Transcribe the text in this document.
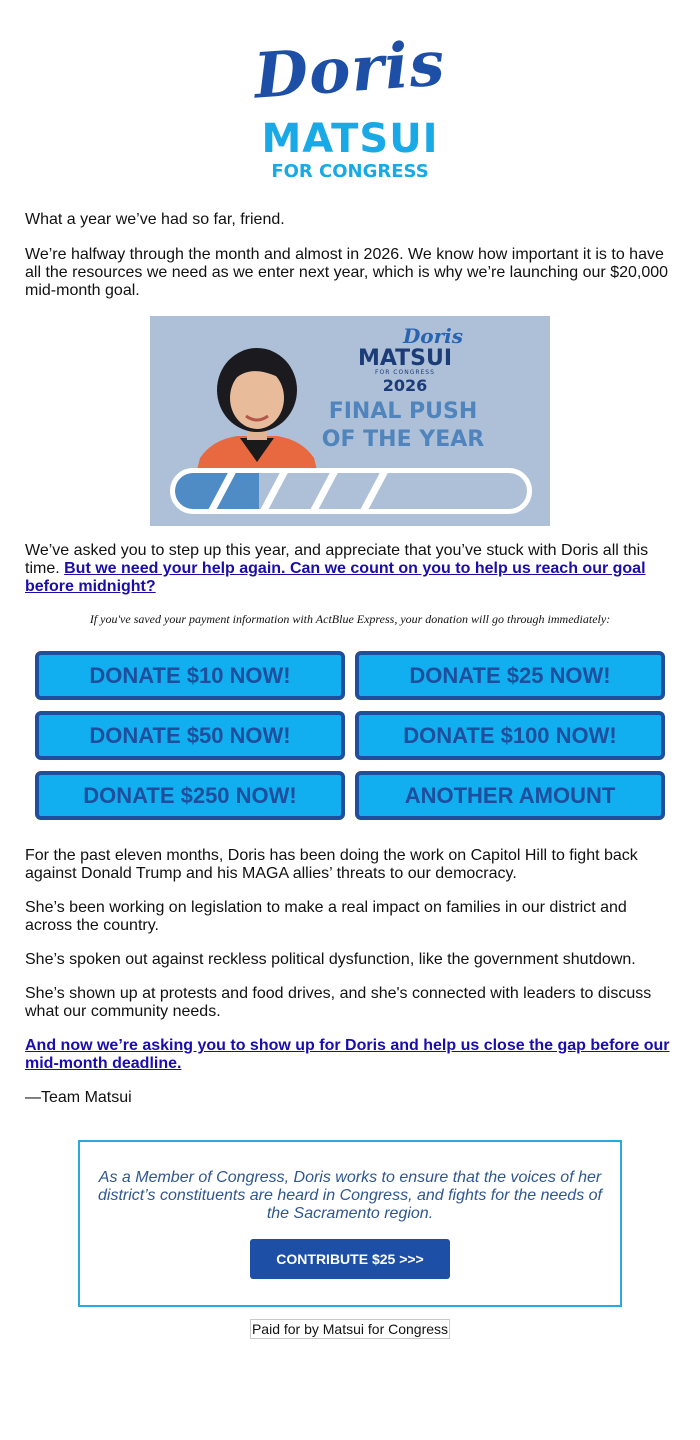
Doris
MATSUI
FOR CONGRESS

What a year we’ve had so far, friend.

We’re halfway through the month and almost in 2026. We know how important it is to have all the resources we need as we enter next year, which is why we’re launching our $20,000 mid-month goal.

Doris
MATSUI
FOR CONGRESS
2026
FINAL PUSH
OF THE YEAR

We’ve asked you to step up this year, and appreciate that you’ve stuck with Doris all this time. But we need your help again. Can we count on you to help us reach our goal before midnight?

If you've saved your payment information with ActBlue Express, your donation will go through immediately:
DONATE $10 NOW!	DONATE $25 NOW!
DONATE $50 NOW!	DONATE $100 NOW!
DONATE $250 NOW!	ANOTHER AMOUNT

For the past eleven months, Doris has been doing the work on Capitol Hill to fight back against Donald Trump and his MAGA allies’ threats to our democracy.

She’s been working on legislation to make a real impact on families in our district and across the country.

She’s spoken out against reckless political dysfunction, like the government shutdown.

She’s shown up at protests and food drives, and she's connected with leaders to discuss what our community needs.

And now we’re asking you to show up for Doris and help us close the gap before our mid-month deadline.

—Team Matsui

As a Member of Congress, Doris works to ensure that the voices of her district’s constituents are heard in Congress, and fights for the needs of the Sacramento region.
CONTRIBUTE $25 >>>
Paid for by Matsui for Congress
